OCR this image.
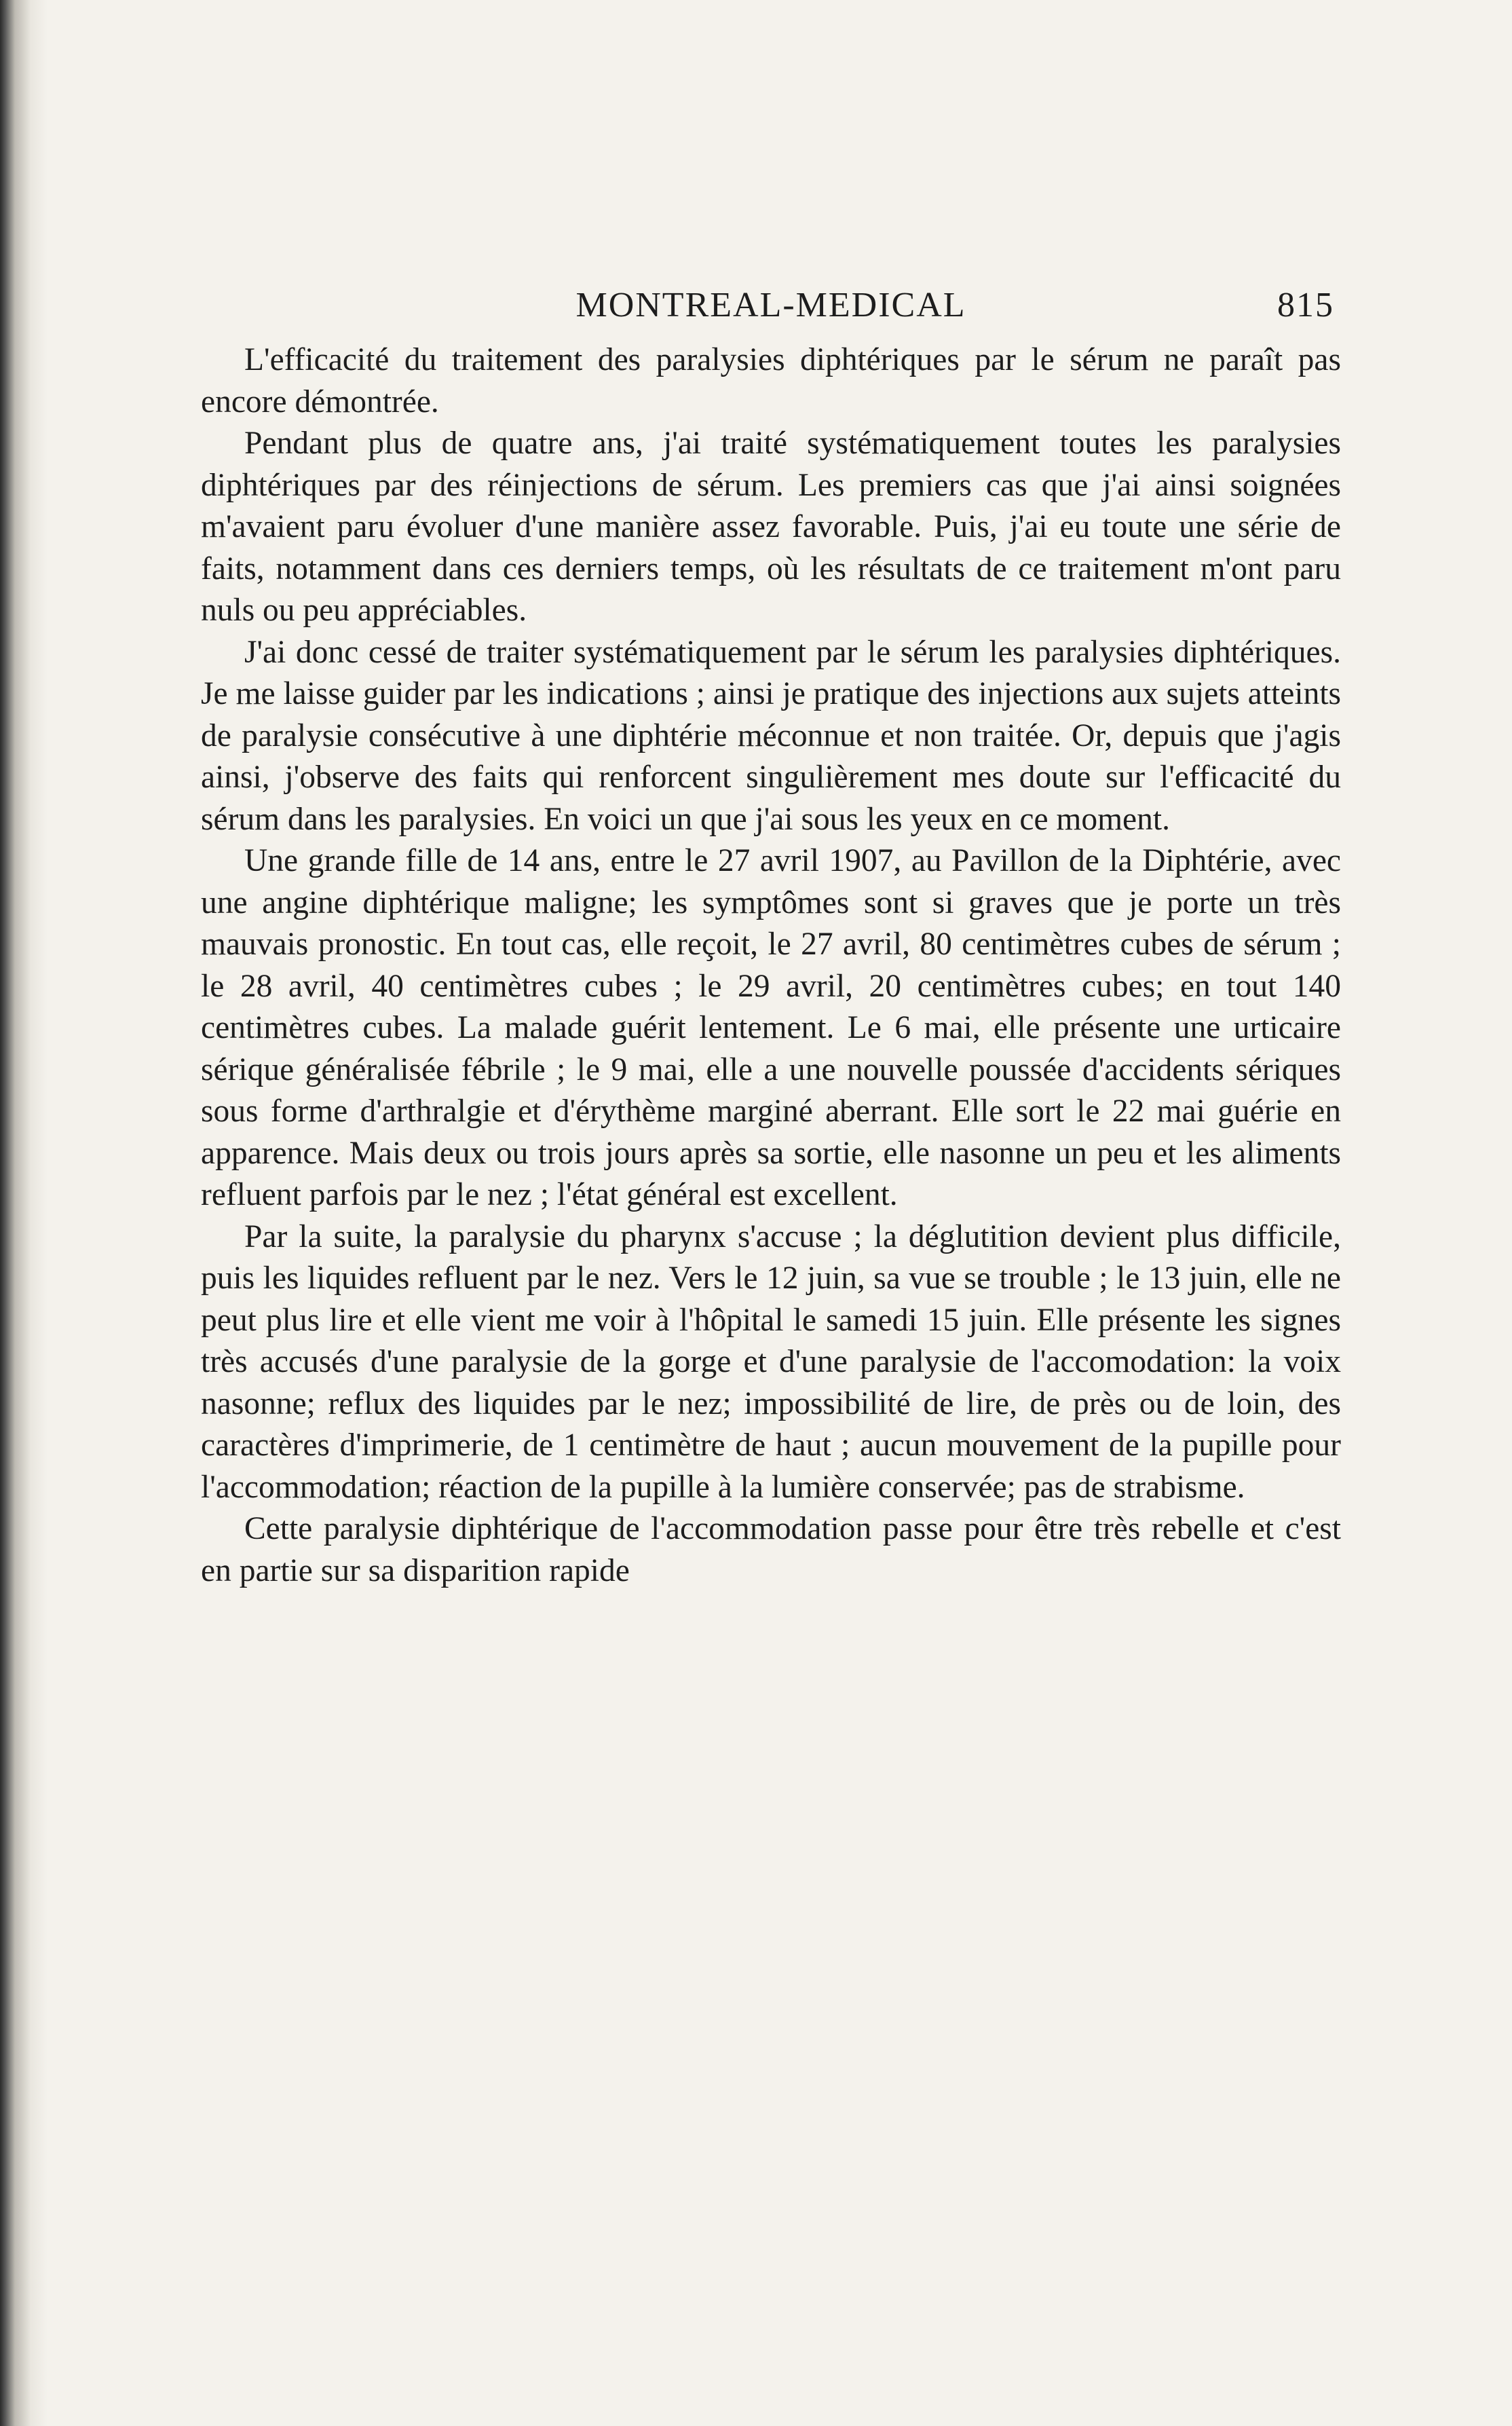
MONTREAL-MEDICAL	815

L'efficacité du traitement des paralysies diphtériques par le sérum ne paraît pas encore démontrée.

Pendant plus de quatre ans, j'ai traité systématiquement toutes les paralysies diphtériques par des réinjections de sérum. Les premiers cas que j'ai ainsi soignées m'avaient paru évoluer d'une manière assez favorable. Puis, j'ai eu toute une série de faits, notamment dans ces derniers temps, où les résultats de ce traitement m'ont paru nuls ou peu appréciables.

J'ai donc cessé de traiter systématiquement par le sérum les paralysies diphtériques. Je me laisse guider par les indications ; ainsi je pratique des injections aux sujets atteints de paralysie consécutive à une diphtérie méconnue et non traitée. Or, depuis que j'agis ainsi, j'observe des faits qui renforcent singulièrement mes doute sur l'efficacité du sérum dans les paralysies. En voici un que j'ai sous les yeux en ce moment.

Une grande fille de 14 ans, entre le 27 avril 1907, au Pavillon de la Diphtérie, avec une angine diphtérique maligne; les symptômes sont si graves que je porte un très mauvais pronostic. En tout cas, elle reçoit, le 27 avril, 80 centimètres cubes de sérum ; le 28 avril, 40 centimètres cubes ; le 29 avril, 20 centimètres cubes; en tout 140 centimètres cubes. La malade guérit lentement. Le 6 mai, elle présente une urticaire sérique généralisée fébrile ; le 9 mai, elle a une nouvelle poussée d'accidents sériques sous forme d'arthralgie et d'érythème marginé aberrant. Elle sort le 22 mai guérie en apparence. Mais deux ou trois jours après sa sortie, elle nasonne un peu et les aliments refluent parfois par le nez ; l'état général est excellent.

Par la suite, la paralysie du pharynx s'accuse ; la déglutition devient plus difficile, puis les liquides refluent par le nez. Vers le 12 juin, sa vue se trouble ; le 13 juin, elle ne peut plus lire et elle vient me voir à l'hôpital le samedi 15 juin. Elle présente les signes très accusés d'une paralysie de la gorge et d'une paralysie de l'accomodation: la voix nasonne; reflux des liquides par le nez; impossibilité de lire, de près ou de loin, des caractères d'imprimerie, de 1 centimètre de haut ; aucun mouvement de la pupille pour l'accommodation; réaction de la pupille à la lumière conservée; pas de strabisme.

Cette paralysie diphtérique de l'accommodation passe pour être très rebelle et c'est en partie sur sa disparition rapide
